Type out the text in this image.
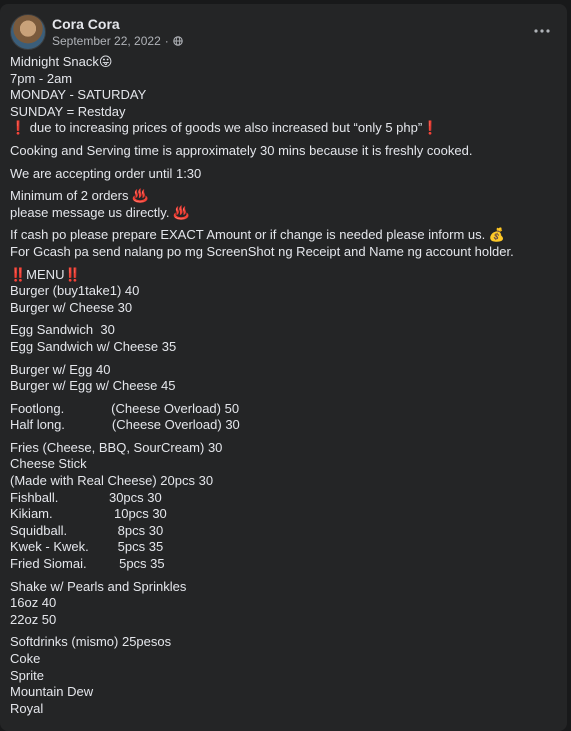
Cora Cora
September 22, 2022 ·
Midnight Snack😛
7pm - 2am
MONDAY - SATURDAY
SUNDAY = Restday
❗ due to increasing prices of goods we also increased but “only 5 php”❗
Cooking and Serving time is approximately 30 mins because it is freshly cooked.
We are accepting order until 1:30
Minimum of 2 orders ♨️
please message us directly. ♨️
If cash po please prepare EXACT Amount or if change is needed please inform us. 💰
For Gcash pa send nalang po mg ScreenShot ng Receipt and Name ng account holder.
‼️MENU‼️
Burger (buy1take1) 40
Burger w/ Cheese 30
Egg Sandwich  30
Egg Sandwich w/ Cheese 35
Burger w/ Egg 40
Burger w/ Egg w/ Cheese 45
Footlong.             (Cheese Overload) 50
Half long.             (Cheese Overload) 30
Fries (Cheese, BBQ, SourCream) 30
Cheese Stick
(Made with Real Cheese) 20pcs 30
Fishball.              30pcs 30
Kikiam.                 10pcs 30
Squidball.              8pcs 30
Kwek - Kwek.        5pcs 35
Fried Siomai.         5pcs 35
Shake w/ Pearls and Sprinkles
16oz 40
22oz 50
Softdrinks (mismo) 25pesos
Coke
Sprite
Mountain Dew
Royal
